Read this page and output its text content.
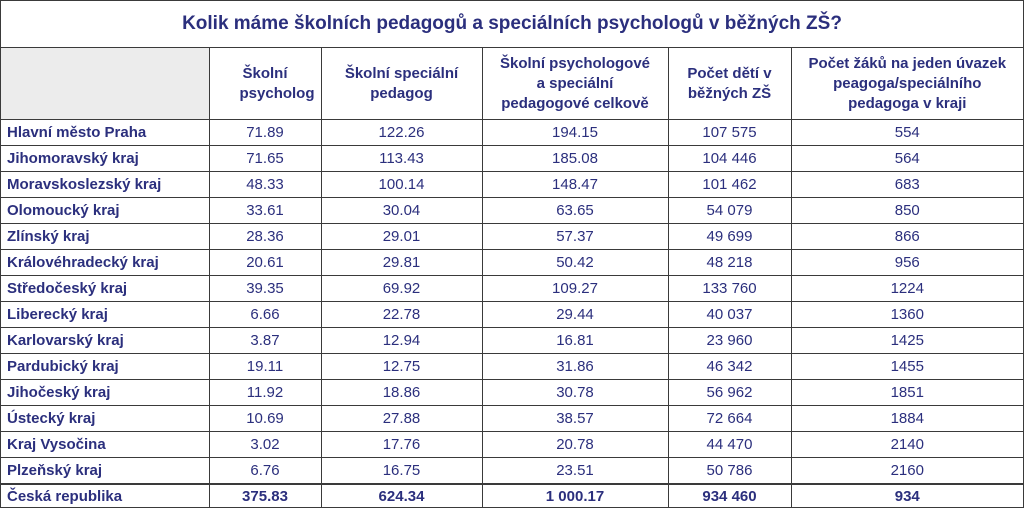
Kolik máme školních pedagogů a speciálních psychologů v běžných ZŠ?
	Školní psycholog	Školní speciální pedagog	Školní psychologové a speciální pedagogové celkově	Počet dětí v běžných ZŠ	Počet žáků na jeden úvazek peagoga/speciálního pedagoga v kraji
Hlavní město Praha	71.89	122.26	194.15	107 575	554
Jihomoravský kraj	71.65	113.43	185.08	104 446	564
Moravskoslezský kraj	48.33	100.14	148.47	101 462	683
Olomoucký kraj	33.61	30.04	63.65	54 079	850
Zlínský kraj	28.36	29.01	57.37	49 699	866
Královéhradecký kraj	20.61	29.81	50.42	48 218	956
Středočeský kraj	39.35	69.92	109.27	133 760	1224
Liberecký kraj	6.66	22.78	29.44	40 037	1360
Karlovarský kraj	3.87	12.94	16.81	23 960	1425
Pardubický kraj	19.11	12.75	31.86	46 342	1455
Jihočeský kraj	11.92	18.86	30.78	56 962	1851
Ústecký kraj	10.69	27.88	38.57	72 664	1884
Kraj Vysočina	3.02	17.76	20.78	44 470	2140
Plzeňský kraj	6.76	16.75	23.51	50 786	2160
Česká republika	375.83	624.34	1 000.17	934 460	934
